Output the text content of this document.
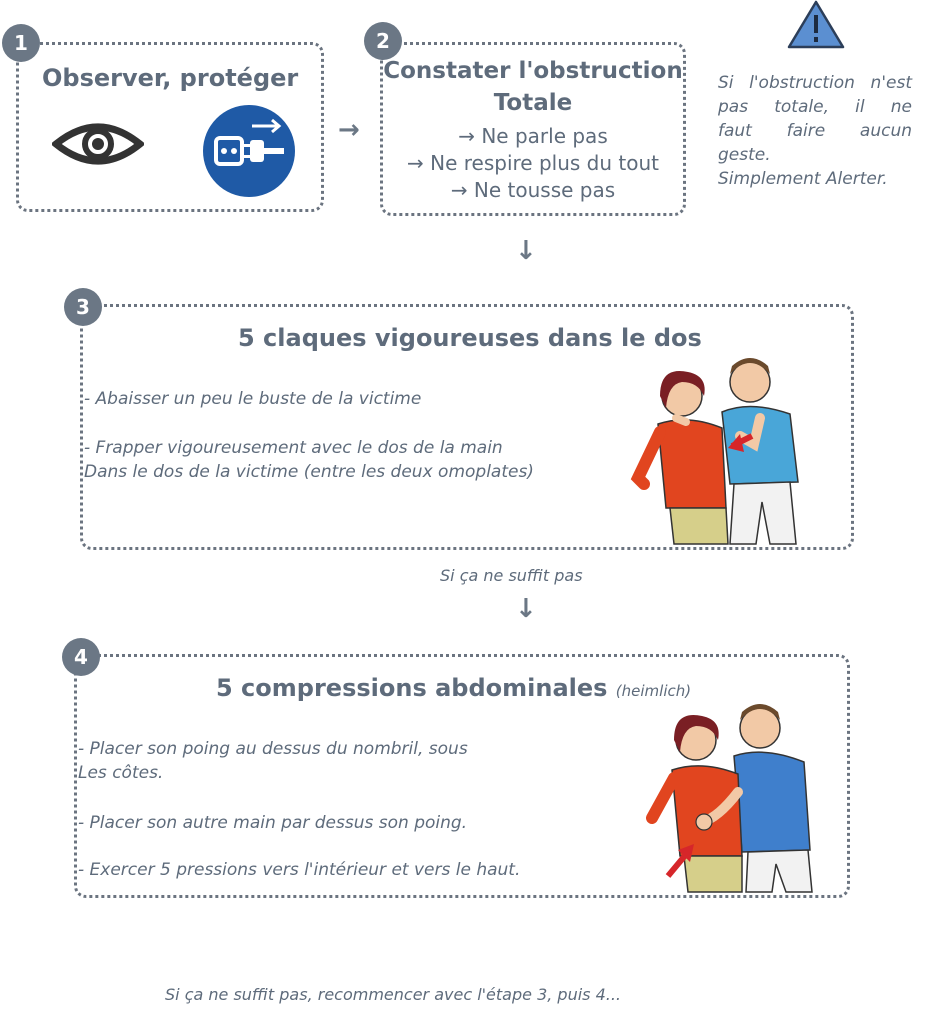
1
Observer, protéger
→
2
Constater l'obstruction
Totale
→ Ne parle pas
→ Ne respire plus du tout
→ Ne tousse pas
Si l'obstruction n'est
pas totale, il ne
faut faire aucun
geste.
Simplement Alerter.
↓
3
5 claques vigoureuses dans le dos
- Abaisser un peu le buste de la victime
- Frapper vigoureusement avec le dos de la main
Dans le dos de la victime (entre les deux omoplates)
Si ça ne suffit pas
↓
4
5 compressions abdominales (heimlich)
- Placer son poing au dessus du nombril, sous
Les côtes.
- Placer son autre main par dessus son poing.
- Exercer 5 pressions vers l'intérieur et vers le haut.
Si ça ne suffit pas, recommencer avec l'étape 3, puis 4...
